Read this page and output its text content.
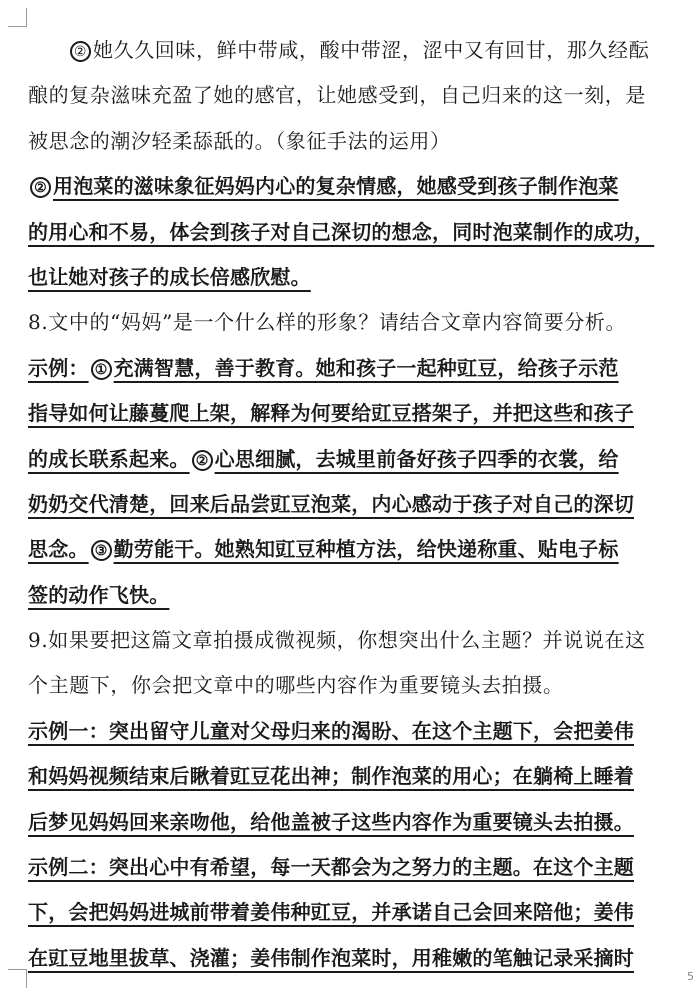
② 她久久回味，鲜中带咸，酸中带涩，涩中又有回甘，那久经酝
酿的复杂滋味充盈了她的感官，让她感受到，自己归来的这一刻，是
被思念的潮汐轻柔舔舐的。（象征手法的运用）
② 用泡菜的滋味象征妈妈内心的复杂情感，她感受到孩子制作泡菜
的用心和不易，体会到孩子对自己深切的想念，同时泡菜制作的成功，
也让她对孩子的成长倍感欣慰。
8.文中的“妈妈”是一个什么样的形象？请结合文章内容简要分析。
示例： ① 充满智慧，善于教育。她和孩子一起种豇豆，给孩子示范
指导如何让藤蔓爬上架，解释为何要给豇豆搭架子，并把这些和孩子
的成长联系起来。 ② 心思细腻，去城里前备好孩子四季的衣裳，给
奶奶交代清楚，回来后品尝豇豆泡菜，内心感动于孩子对自己的深切
思念。 ③ 勤劳能干。她熟知豇豆种植方法，给快递称重、贴电子标
签的动作飞快。
9.如果要把这篇文章拍摄成微视频，你想突出什么主题？并说说在这
个主题下，你会把文章中的哪些内容作为重要镜头去拍摄。
示例一：突出留守儿童对父母归来的渴盼、在这个主题下，会把姜伟
和妈妈视频结束后瞅着豇豆花出神；制作泡菜的用心；在躺椅上睡着
后梦见妈妈回来亲吻他，给他盖被子这些内容作为重要镜头去拍摄。
示例二：突出心中有希望，每一天都会为之努力的主题。在这个主题
下，会把妈妈进城前带着姜伟种豇豆，并承诺自己会回来陪他；姜伟
在豇豆地里拔草、浇灌；姜伟制作泡菜时，用稚嫩的笔触记录采摘时
5
